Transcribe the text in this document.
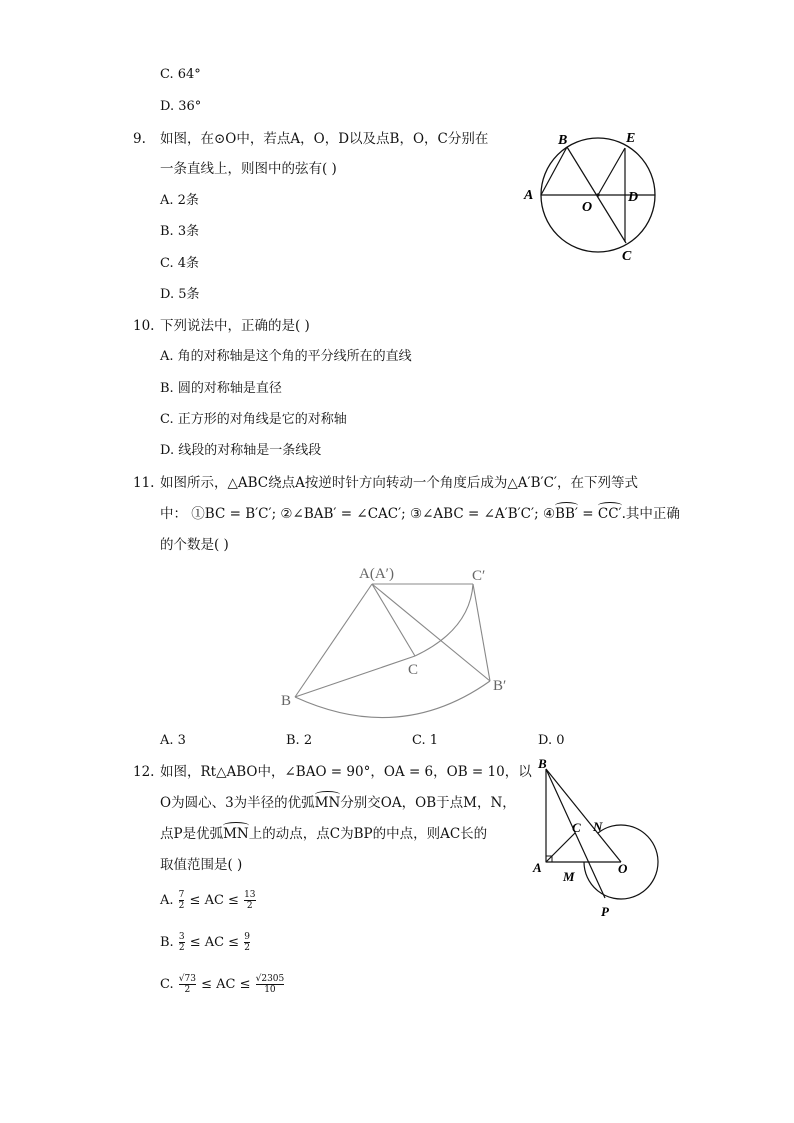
C. 64°
D. 36°
9. 如图，在⊙O中，若点A，O，D以及点B，O，C分别在
一条直线上，则图中的弦有( )
A. 2条
B. 3条
C. 4条
D. 5条
B	E
A
O
D
C
10. 下列说法中，正确的是( )
A. 角的对称轴是这个角的平分线所在的直线
B. 圆的对称轴是直径
C. 正方形的对角线是它的对称轴
D. 线段的对称轴是一条线段
11. 如图所示，△ABC绕点A按逆时针方向转动一个角度后成为△A′B′C′，在下列等式
中： ①BC = B′C′; ②∠BAB′ = ∠CAC′; ③∠ABC = ∠A′B′C′; ④BB′ = CC′.其中正确
的个数是( )
A(A′)	C′
C
B
B′
A. 3	B. 2	C. 1	D. 0
12. 如图，Rt△ABO中，∠BAO = 90°，OA = 6，OB = 10，以
O为圆心、3为半径的优弧MN分别交OA，OB于点M，N，
点P是优弧MN上的动点，点C为BP的中点，则AC长的
取值范围是( )
A. $\frac{7}{2}$ ≤ AC ≤ $\frac{13}{2}$
B. $\frac{3}{2}$ ≤ AC ≤ $\frac{9}{2}$
C. $\frac{√73}{2}$ ≤ AC ≤ $\frac{√2305}{10}$
B
C N
A
M
O
P
